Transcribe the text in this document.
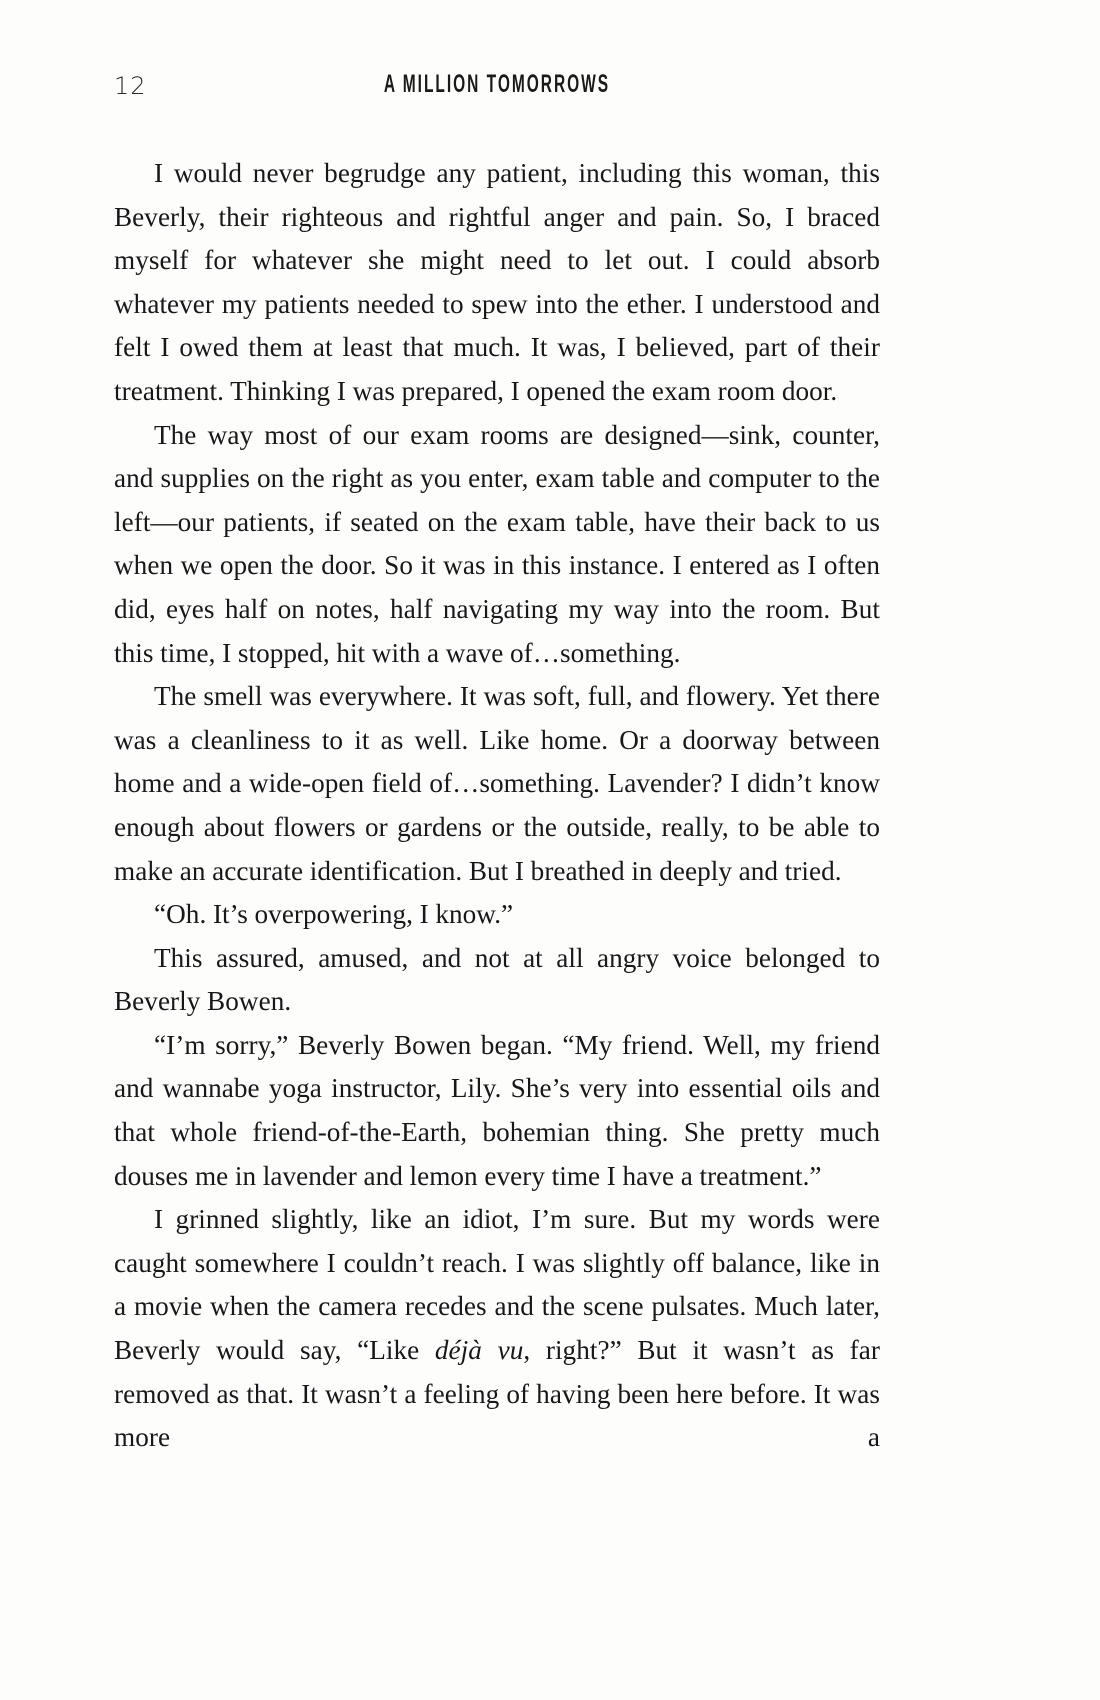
12	A MILLION TOMORROWS

I would never begrudge any patient, including this woman, this Beverly, their righteous and rightful anger and pain. So, I braced myself for whatever she might need to let out. I could absorb whatever my patients needed to spew into the ether. I understood and felt I owed them at least that much. It was, I believed, part of their treatment. Thinking I was prepared, I opened the exam room door.

The way most of our exam rooms are designed—sink, counter, and supplies on the right as you enter, exam table and computer to the left—our patients, if seated on the exam table, have their back to us when we open the door. So it was in this instance. I entered as I often did, eyes half on notes, half navigating my way into the room. But this time, I stopped, hit with a wave of…something.

The smell was everywhere. It was soft, full, and flowery. Yet there was a cleanliness to it as well. Like home. Or a doorway between home and a wide-open field of…something. Lavender? I didn’t know enough about flowers or gardens or the outside, really, to be able to make an accurate identification. But I breathed in deeply and tried.

“Oh. It’s overpowering, I know.”

This assured, amused, and not at all angry voice belonged to Beverly Bowen.

“I’m sorry,” Beverly Bowen began. “My friend. Well, my friend and wannabe yoga instructor, Lily. She’s very into essential oils and that whole friend-of-the-Earth, bohemian thing. She pretty much douses me in lavender and lemon every time I have a treatment.”

I grinned slightly, like an idiot, I’m sure. But my words were caught somewhere I couldn’t reach. I was slightly off balance, like in a movie when the camera recedes and the scene pulsates. Much later, Beverly would say, “Like déjà vu, right?” But it wasn’t as far removed as that. It wasn’t a feeling of having been here before. It was more a
